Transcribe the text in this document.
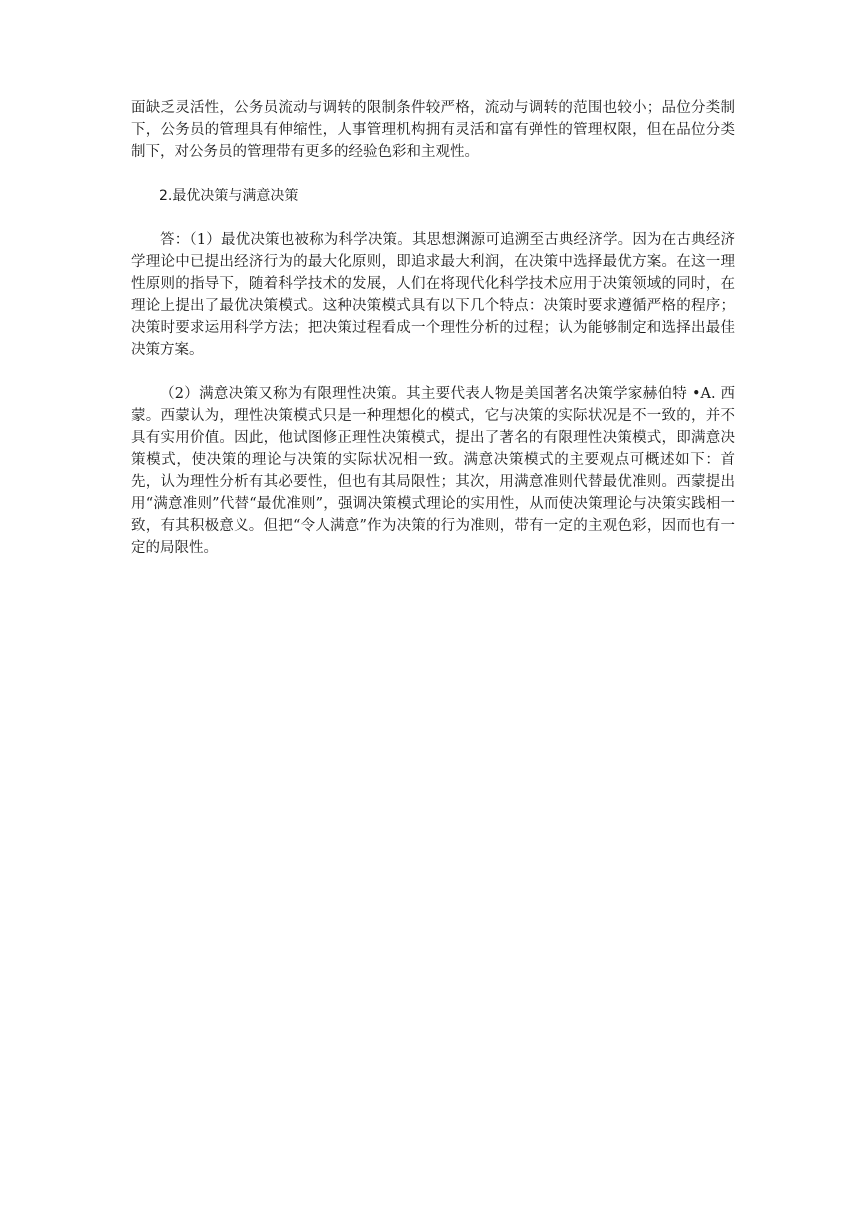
面缺乏灵活性，公务员流动与调转的限制条件较严格，流动与调转的范围也较小；品位分类制下，公务员的管理具有伸缩性，人事管理机构拥有灵活和富有弹性的管理权限，但在品位分类制下，对公务员的管理带有更多的经验色彩和主观性。

2.最优决策与满意决策

答：（1）最优决策也被称为科学决策。其思想渊源可追溯至古典经济学。因为在古典经济学理论中已提出经济行为的最大化原则，即追求最大利润，在决策中选择最优方案。在这一理性原则的指导下，随着科学技术的发展，人们在将现代化科学技术应用于决策领域的同时，在理论上提出了最优决策模式。这种决策模式具有以下几个特点：决策时要求遵循严格的程序；决策时要求运用科学方法；把决策过程看成一个理性分析的过程；认为能够制定和选择出最佳决策方案。

（2）满意决策又称为有限理性决策。其主要代表人物是美国著名决策学家赫伯特 •A. 西蒙。西蒙认为，理性决策模式只是一种理想化的模式，它与决策的实际状况是不一致的，并不具有实用价值。因此，他试图修正理性决策模式，提出了著名的有限理性决策模式，即满意决策模式，使决策的理论与决策的实际状况相一致。满意决策模式的主要观点可概述如下：首先，认为理性分析有其必要性，但也有其局限性；其次，用满意准则代替最优准则。西蒙提出用“满意准则”代替“最优准则”，强调决策模式理论的实用性，从而使决策理论与决策实践相一致，有其积极意义。但把“令人满意”作为决策的行为准则，带有一定的主观色彩，因而也有一定的局限性。
